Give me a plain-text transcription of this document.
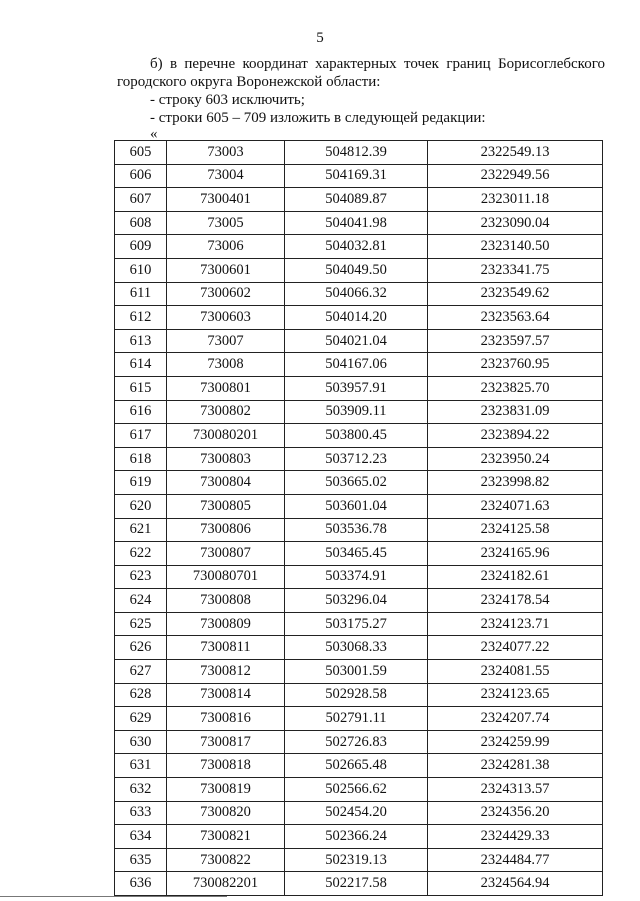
5

б) в перечне координат характерных точек границ Борисоглебского городского округа Воронежской области:

- строку 603 исключить;

- строки 605 – 709 изложить в следующей редакции:

«
605	73003	504812.39	2322549.13
606	73004	504169.31	2322949.56
607	7300401	504089.87	2323011.18
608	73005	504041.98	2323090.04
609	73006	504032.81	2323140.50
610	7300601	504049.50	2323341.75
611	7300602	504066.32	2323549.62
612	7300603	504014.20	2323563.64
613	73007	504021.04	2323597.57
614	73008	504167.06	2323760.95
615	7300801	503957.91	2323825.70
616	7300802	503909.11	2323831.09
617	730080201	503800.45	2323894.22
618	7300803	503712.23	2323950.24
619	7300804	503665.02	2323998.82
620	7300805	503601.04	2324071.63
621	7300806	503536.78	2324125.58
622	7300807	503465.45	2324165.96
623	730080701	503374.91	2324182.61
624	7300808	503296.04	2324178.54
625	7300809	503175.27	2324123.71
626	7300811	503068.33	2324077.22
627	7300812	503001.59	2324081.55
628	7300814	502928.58	2324123.65
629	7300816	502791.11	2324207.74
630	7300817	502726.83	2324259.99
631	7300818	502665.48	2324281.38
632	7300819	502566.62	2324313.57
633	7300820	502454.20	2324356.20
634	7300821	502366.24	2324429.33
635	7300822	502319.13	2324484.77
636	730082201	502217.58	2324564.94
